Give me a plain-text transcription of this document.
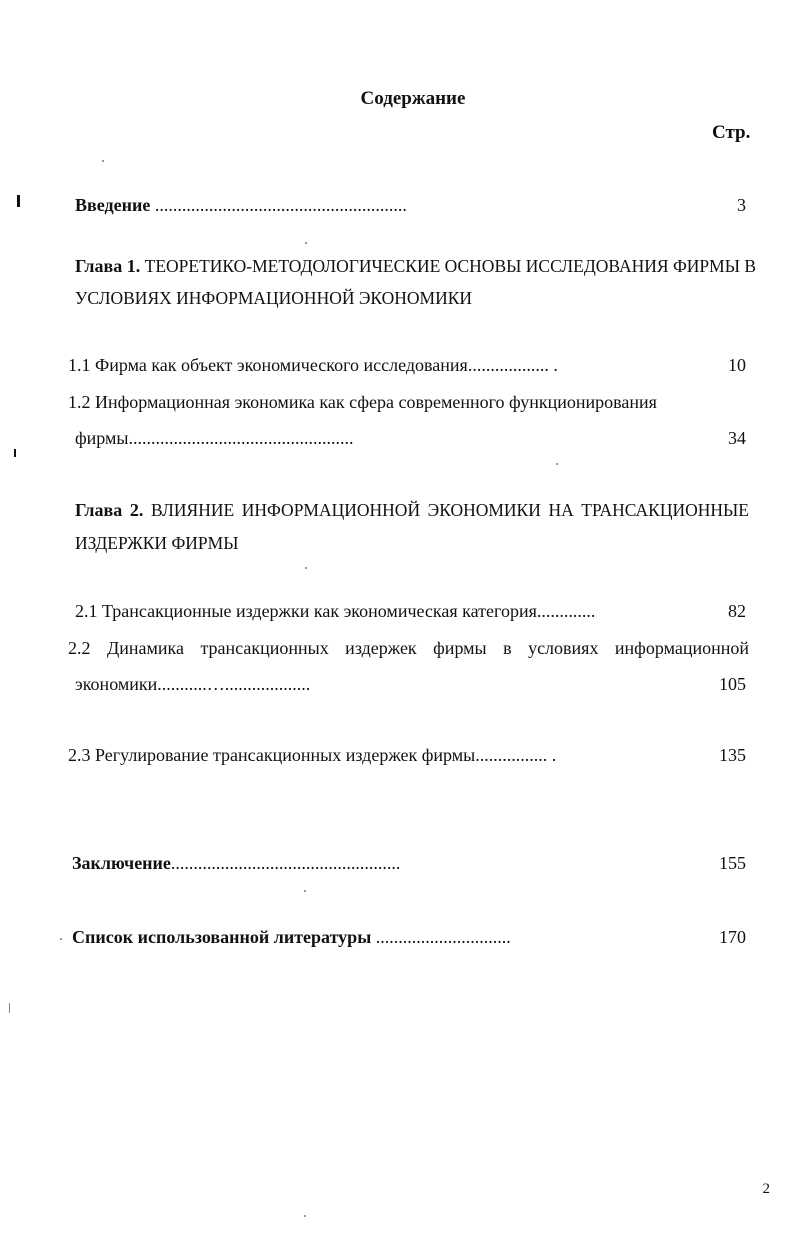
Содержание
Стр.
Введение ........................................................	3
Глава 1. ТЕОРЕТИКО-МЕТОДОЛОГИЧЕСКИЕ ОСНОВЫ ИССЛЕДОВАНИЯ ФИРМЫ В
УСЛОВИЯХ ИНФОРМАЦИОННОЙ ЭКОНОМИКИ
1.1 Фирма как объект экономического исследования.................. .	10
1.2 Информационная экономика как сфера современного функционирования
фирмы..................................................	34
Глава 2. ВЛИЯНИЕ ИНФОРМАЦИОННОЙ ЭКОНОМИКИ НА ТРАНСАКЦИОННЫЕ
ИЗДЕРЖКИ ФИРМЫ
2.1 Трансакционные издержки как экономическая категория.............	82
2.2 Динамика трансакционных издержек фирмы в условиях информационной
экономики...........…...................	105
2.3 Регулирование трансакционных издержек фирмы................ .	135
Заключение...................................................	155
Список использованной литературы ..............................	170
2
